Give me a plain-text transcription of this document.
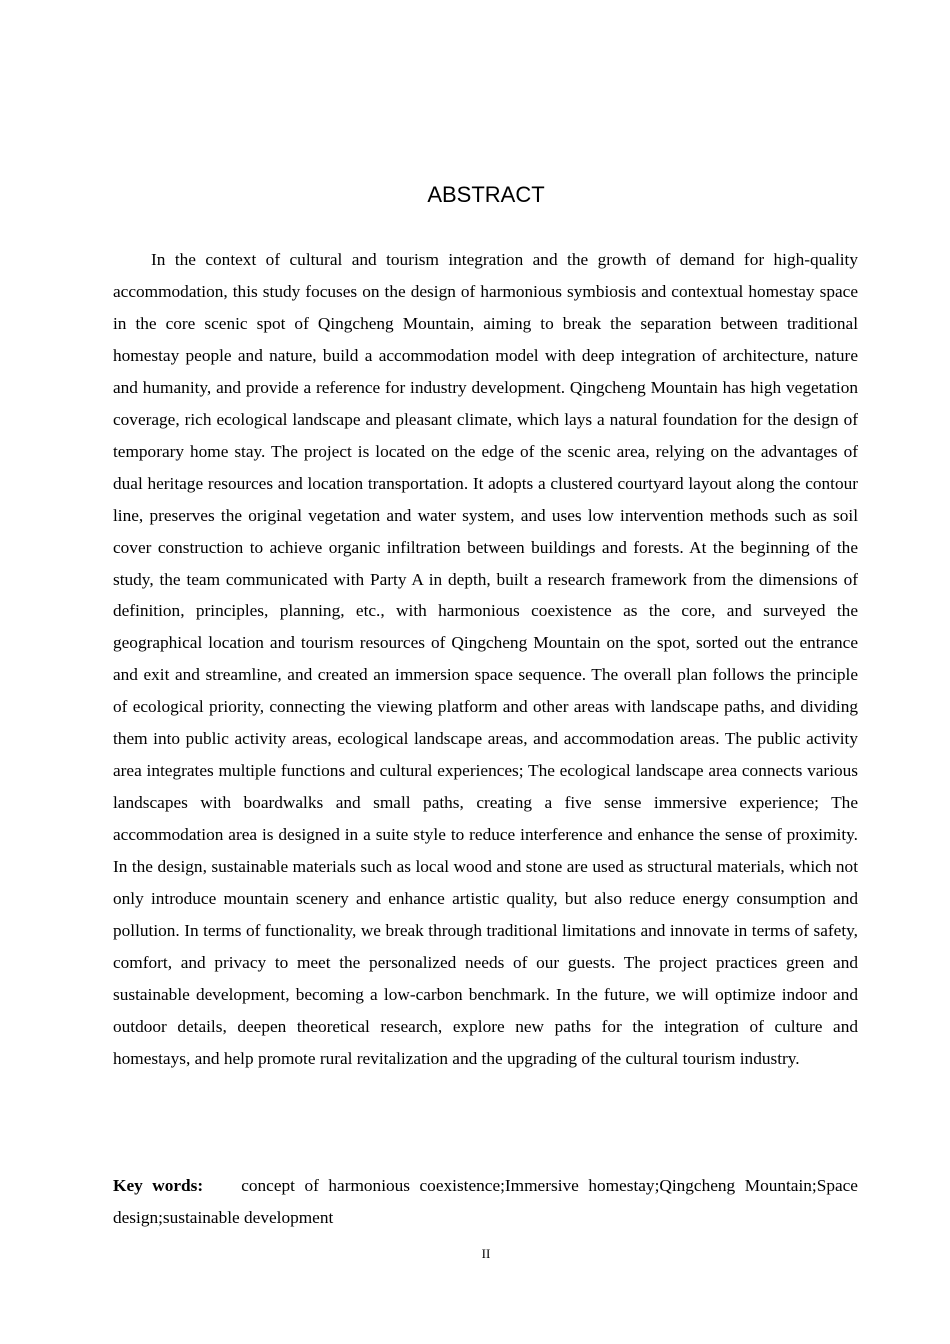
ABSTRACT

In the context of cultural and tourism integration and the growth of demand for high-quality accommodation, this study focuses on the design of harmonious symbiosis and contextual homestay space in the core scenic spot of Qingcheng Mountain, aiming to break the separation between traditional homestay people and nature, build a accommodation model with deep integration of architecture, nature and humanity, and provide a reference for industry development. Qingcheng Mountain has high vegetation coverage, rich ecological landscape and pleasant climate, which lays a natural foundation for the design of temporary home stay. The project is located on the edge of the scenic area, relying on the advantages of dual heritage resources and location transportation. It adopts a clustered courtyard layout along the contour line, preserves the original vegetation and water system, and uses low intervention methods such as soil cover construction to achieve organic infiltration between buildings and forests. At the beginning of the study, the team communicated with Party A in depth, built a research framework from the dimensions of definition, principles, planning, etc., with harmonious coexistence as the core, and surveyed the geographical location and tourism resources of Qingcheng Mountain on the spot, sorted out the entrance and exit and streamline, and created an immersion space sequence. The overall plan follows the principle of ecological priority, connecting the viewing platform and other areas with landscape paths, and dividing them into public activity areas, ecological landscape areas, and accommodation areas. The public activity area integrates multiple functions and cultural experiences; The ecological landscape area connects various landscapes with boardwalks and small paths, creating a five sense immersive experience; The accommodation area is designed in a suite style to reduce interference and enhance the sense of proximity. In the design, sustainable materials such as local wood and stone are used as structural materials, which not only introduce mountain scenery and enhance artistic quality, but also reduce energy consumption and pollution. In terms of functionality, we break through traditional limitations and innovate in terms of safety, comfort, and privacy to meet the personalized needs of our guests. The project practices green and sustainable development, becoming a low-carbon benchmark. In the future, we will optimize indoor and outdoor details, deepen theoretical research, explore new paths for the integration of culture and homestays, and help promote rural revitalization and the upgrading of the cultural tourism industry.

Key words: concept of harmonious coexistence;Immersive homestay;Qingcheng Mountain;Space design;sustainable development

II
